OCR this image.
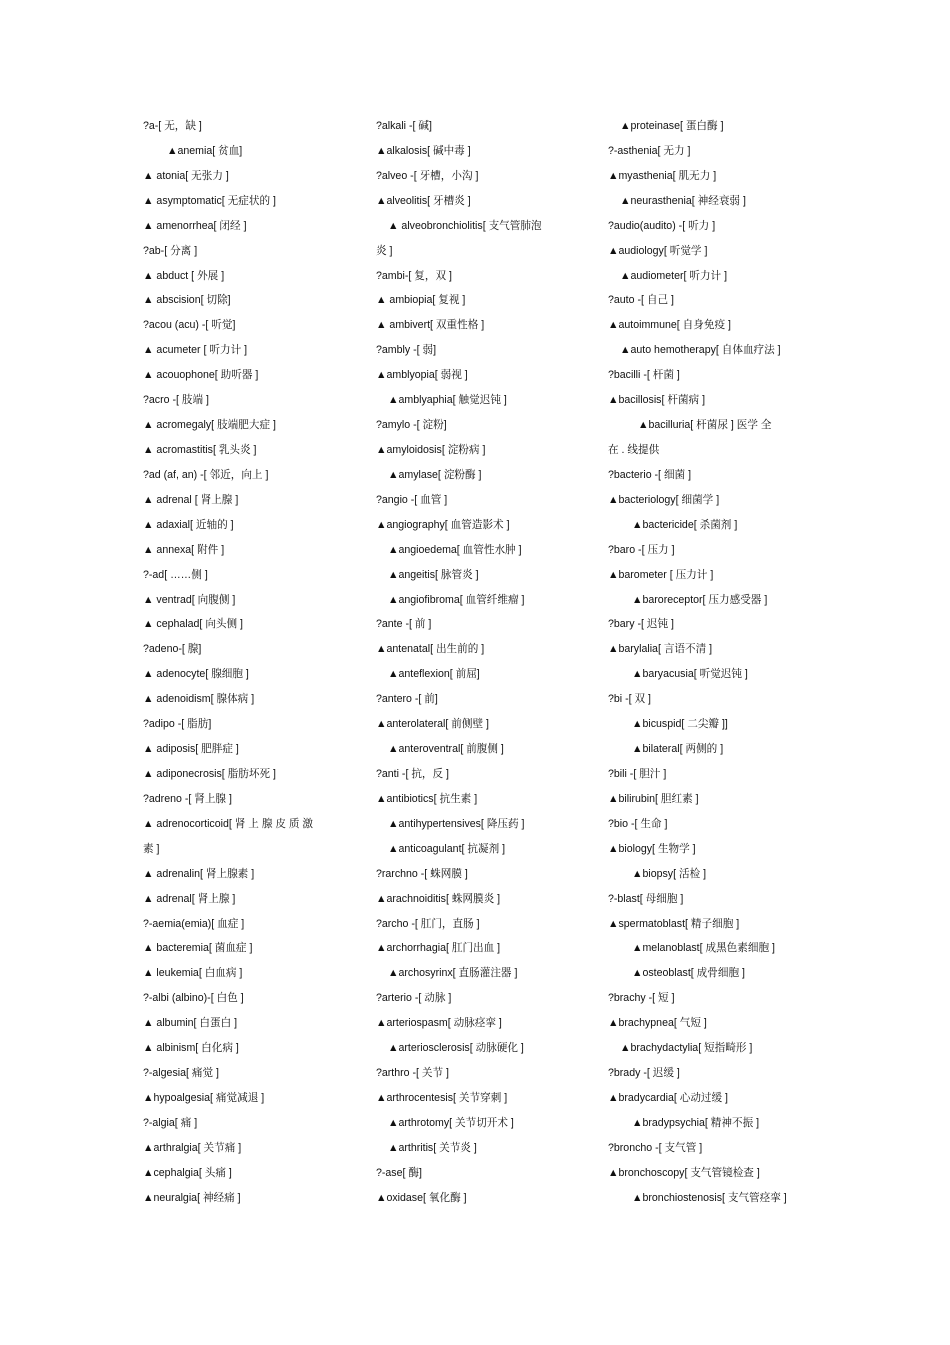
?a-[ 无，缺 ]
▲anemia[ 贫血]
▲ atonia[ 无张力 ]
▲ asymptomatic[ 无症状的 ]
▲ amenorrhea[ 闭经 ]
?ab-[ 分离 ]
▲ abduct [ 外展 ]
▲ abscision[ 切除]
?acou (acu) -[ 听觉]
▲ acumeter [ 听力计 ]
▲ acouophone[ 助听器 ]
?acro -[ 肢端 ]
▲ acromegaly[ 肢端肥大症 ]
▲ acromastitis[ 乳头炎 ]
?ad (af, an) -[ 邻近，向上 ]
▲ adrenal [ 肾上腺 ]
▲ adaxial[ 近轴的 ]
▲ annexa[ 附件 ]
?-ad[ ……侧 ]
▲ ventrad[ 向腹侧 ]
▲ cephalad[ 向头侧 ]
?adeno-[ 腺]
▲ adenocyte[ 腺细胞 ]
▲ adenoidism[ 腺体病 ]
?adipo -[ 脂肪]
▲ adiposis[ 肥胖症 ]
▲ adiponecrosis[ 脂肪坏死 ]
?adreno -[ 肾上腺 ]
▲ adrenocorticoid[ 肾 上 腺 皮 质 激
素 ]
▲ adrenalin[ 肾上腺素 ]
▲ adrenal[ 肾上腺 ]
?-aemia(emia)[ 血症 ]
▲ bacteremia[ 菌血症 ]
▲ leukemia[ 白血病 ]
?-albi (albino)-[ 白色 ]
▲ albumin[ 白蛋白 ]
▲ albinism[ 白化病 ]
?-algesia[ 痛觉 ]
▲hypoalgesia[ 痛觉减退 ]
?-algia[ 痛 ]
▲arthralgia[ 关节痛 ]
▲cephalgia[ 头痛 ]
▲neuralgia[ 神经痛 ]
?alkali -[ 碱]
▲alkalosis[ 碱中毒 ]
?alveo -[ 牙槽，小沟 ]
▲alveolitis[ 牙槽炎 ]
▲ alveobronchiolitis[ 支气管肺泡
炎 ]
?ambi-[ 复，双 ]
▲ ambiopia[ 复视 ]
▲ ambivert[ 双重性格 ]
?ambly -[ 弱]
▲amblyopia[ 弱视 ]
▲amblyaphia[ 触觉迟钝 ]
?amylo -[ 淀粉]
▲amyloidosis[ 淀粉病 ]
▲amylase[ 淀粉酶 ]
?angio -[ 血管 ]
▲angiography[ 血管造影术 ]
▲angioedema[ 血管性水肿 ]
▲angeitis[ 脉管炎 ]
▲angiofibroma[ 血管纤维瘤 ]
?ante -[ 前 ]
▲antenatal[ 出生前的 ]
▲anteflexion[ 前屈]
?antero -[ 前]
▲anterolateral[ 前侧壁 ]
▲anteroventral[ 前腹侧 ]
?anti -[ 抗，反 ]
▲antibiotics[ 抗生素 ]
▲antihypertensives[ 降压药 ]
▲anticoagulant[ 抗凝剂 ]
?rarchno -[ 蛛网膜 ]
▲arachnoiditis[ 蛛网膜炎 ]
?archo -[ 肛门，直肠 ]
▲archorrhagia[ 肛门出血 ]
▲archosyrinx[ 直肠灌注器 ]
?arterio -[ 动脉 ]
▲arteriospasm[ 动脉痉挛 ]
▲arteriosclerosis[ 动脉硬化 ]
?arthro -[ 关节 ]
▲arthrocentesis[ 关节穿刺 ]
▲arthrotomy[ 关节切开术 ]
▲arthritis[ 关节炎 ]
?-ase[ 酶]
▲oxidase[ 氧化酶 ]
▲proteinase[ 蛋白酶 ]
?-asthenia[ 无力 ]
▲myasthenia[ 肌无力 ]
▲neurasthenia[ 神经衰弱 ]
?audio(audito) -[ 听力 ]
▲audiology[ 听觉学 ]
▲audiometer[ 听力计 ]
?auto -[ 自己 ]
▲autoimmune[ 自身免疫 ]
▲auto hemotherapy[ 自体血疗法 ]
?bacilli -[ 杆菌 ]
▲bacillosis[ 杆菌病 ]
▲bacilluria[ 杆菌尿 ] 医学 全
在 . 线提供
?bacterio -[ 细菌 ]
▲bacteriology[ 细菌学 ]
▲bactericide[ 杀菌剂 ]
?baro -[ 压力 ]
▲barometer [ 压力计 ]
▲baroreceptor[ 压力感受器 ]
?bary -[ 迟钝 ]
▲barylalia[ 言语不清 ]
▲baryacusia[ 听觉迟钝 ]
?bi -[ 双 ]
▲bicuspid[ 二尖瓣 ]]
▲bilateral[ 两侧的 ]
?bili -[ 胆汁 ]
▲bilirubin[ 胆红素 ]
?bio -[ 生命 ]
▲biology[ 生物学 ]
▲biopsy[ 活检 ]
?-blast[ 母细胞 ]
▲spermatoblast[ 精子细胞 ]
▲melanoblast[ 成黑色素细胞 ]
▲osteoblast[ 成骨细胞 ]
?brachy -[ 短 ]
▲brachypnea[ 气短 ]
▲brachydactylia[ 短指畸形 ]
?brady -[ 迟缓 ]
▲bradycardia[ 心动过缓 ]
▲bradypsychia[ 精神不振 ]
?broncho -[ 支气管 ]
▲bronchoscopy[ 支气管镜检查 ]
▲bronchiostenosis[ 支气管痉挛 ]
